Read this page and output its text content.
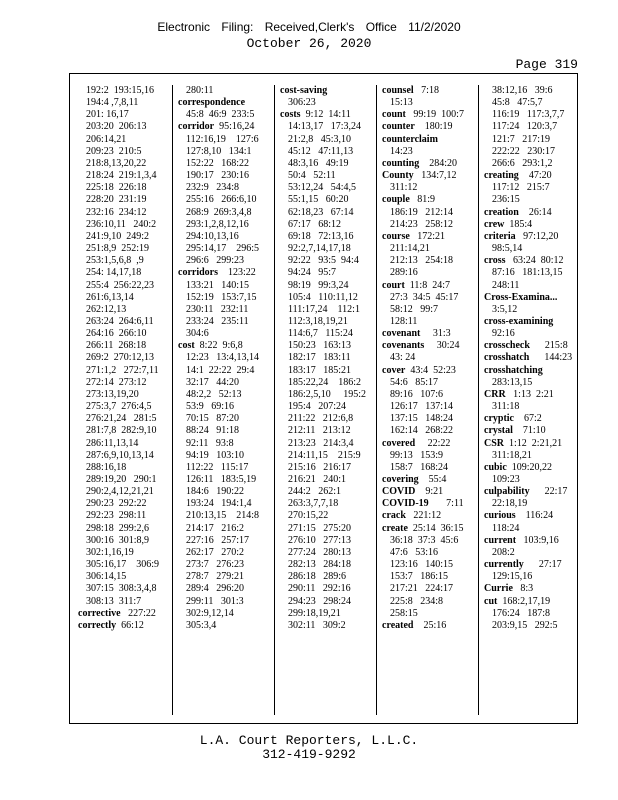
Electronic Filing: Received,Clerk's Office 11/2/2020
October 26, 2020
Page 319
192:2  193:15,16
194:4 ,7,8,11
201: 16,17
203:20  206:13
206:14,21
209:23  210:5
218:8,13,20,22
218:24  219:1,3,4
225:18  226:18
228:20  231:19
232:16  234:12
236:10,11   240:2
241:9,10  249:2
251:8,9  252:19
253:1,5,6,8  ,9
254: 14,17,18
255:4  256:22,23
261:6,13,14
262:12,13
263:24  264:6,11
264:16  266:10
266:11  268:18
269:2  270:12,13
271:1,2   272:7,11
272:14  273:12
273:13,19,20
275:3,7  276:4,5
276:21,24   281:5
281:7,8  282:9,10
286:11,13,14
287:6,9,10,13,14
288:16,18
289:19,20   290:1
290:2,4,12,21,21
290:23  292:22
292:23  298:11
298:18  299:2,6
300:16  301:8,9
302:1,16,19
305:16,17    306:9
306:14,15
307:15  308:3,4,8
308:13  311:7
corrective   227:22
correctly  66:12
280:11
correspondence
45:8  46:9  233:5
corridor  95:16,24
112:16,19    127:6
127:8,10   134:1
152:22   168:22
190:17   230:16
232:9   234:8
255:16   266:6,10
268:9  269:3,4,8
293:1,2,8,12,16
294:10,13,16
295:14,17    296:5
296:6   299:23
corridors    123:22
133:21   140:15
152:19   153:7,15
230:11   232:11
233:24   235:11
304:6
cost  8:22  9:6,8
12:23   13:4,13,14
14:1  22:22  29:4
32:17   44:20
48:2,2   52:13
53:9   69:16
70:15   87:20
88:24   91:18
92:11   93:8
94:19   103:10
112:22   115:17
126:11   183:5,19
184:6   190:22
193:24   194:1,4
210:13,15    214:8
214:17   216:2
227:16   257:17
262:17   270:2
273:7   276:23
278:7   279:21
289:4   296:20
299:11   301:3
302:9,12,14
305:3,4
cost-saving
306:23
costs  9:12  14:11
14:13,17   17:3,24
21:2,8   45:3,10
45:12   47:11,13
48:3,16   49:19
50:4   52:11
53:12,24   54:4,5
55:1,15   60:20
62:18,23   67:14
67:17   68:12
69:18   72:13,16
92:2,7,14,17,18
92:22   93:5  94:4
94:24   95:7
98:19   99:3,24
105:4   110:11,12
111:17,24    112:1
112:3,18,19,21
114:6,7   115:24
150:23   163:13
182:17   183:11
183:17   185:21
185:22,24    186:2
186:2,5,10     195:2
195:4   207:24
211:22   212:6,8
212:11   213:12
213:23   214:3,4
214:11,15    215:9
215:16   216:17
216:21   240:1
244:2   262:1
263:3,7,7,18
270:15,22
271:15   275:20
276:10   277:13
277:24   280:13
282:13   284:18
286:18   289:6
290:11   292:16
294:23   298:24
299:18,19,21
302:11   309:2
counsel   7:18
15:13
count   99:19  100:7
counter    180:19
counterclaim
14:23
counting    284:20
County   134:7,12
311:12
couple   81:9
186:19   212:14
214:23   258:12
course   172:21
211:14,21
212:13   254:18
289:16
court  11:8  24:7
27:3  34:5  45:17
58:12   99:7
128:11
covenant     31:3
covenants     30:24
43: 24
cover  43:4  52:23
54:6   85:17
89:16   107:6
126:17   137:14
137:15   148:24
162:14   268:22
covered     22:22
99:13   153:9
158:7   168:24
covering    55:4
COVID    9:21
COVID-19       7:11
crack   221:12
create  25:14  36:15
36:18  37:3  45:6
47:6   53:16
123:16   140:15
153:7   186:15
217:21   224:17
225:8   234:8
258:15
created    25:16
38:12,16   39:6
45:8   47:5,7
116:19   117:3,7,7
117:24   120:3,7
121:7   217:19
222:22   230:17
266:6   293:1,2
creating    47:20
117:12   215:7
236:15
creation    26:14
crew  185:4
criteria   97:12,20
98:5,14
cross   63:24  80:12
87:16   181:13,15
248:11
Cross-Examina...
3:5,12
cross-examining
92:16
crosscheck      215:8
crosshatch      144:23
crosshatching
283:13,15
CRR   1:13  2:21
311:18
cryptic    67:2
crystal    71:10
CSR  1:12  2:21,21
311:18,21
cubic  109:20,22
109:23
culpability      22:17
22:18,19
curious    116:24
118:24
current   103:9,16
208:2
currently      27:17
129:15,16
Currie   8:3
cut  168:2,17,19
176:24   187:8
203:9,15   292:5
L.A. Court Reporters, L.L.C.
312-419-9292
